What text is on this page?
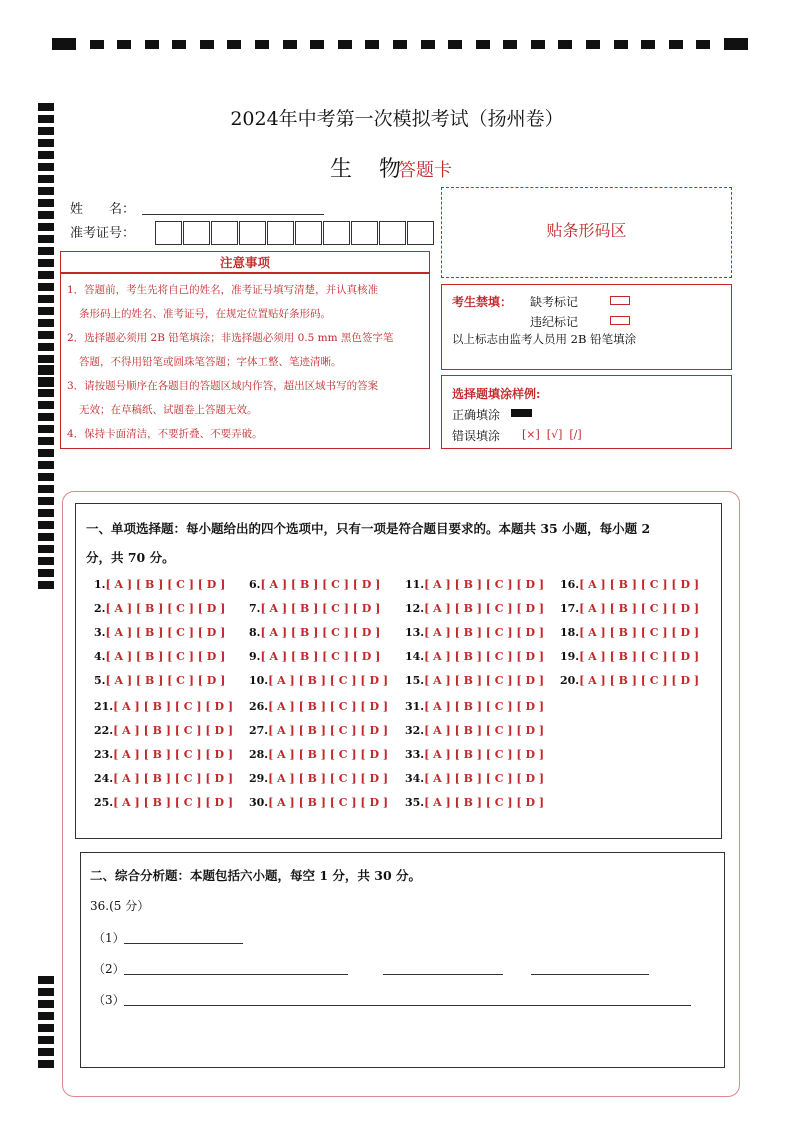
2024年中考第一次模拟考试（扬州卷）
生 物
答题卡
姓　　名：
准考证号：
注意事项
1．答题前，考生先将自己的姓名，准考证号填写清楚，并认真核准
条形码上的姓名、准考证号，在规定位置贴好条形码。
2．选择题必须用 2B 铅笔填涂；非选择题必须用 0.5 mm 黑色签字笔
答题，不得用铅笔或圆珠笔答题；字体工整、笔迹清晰。
3．请按题号顺序在各题目的答题区域内作答，超出区域书写的答案
无效；在草稿纸、试题卷上答题无效。
4．保持卡面清洁，不要折叠、不要弄破。
贴条形码区
考生禁填： 缺考标记
违纪标记
以上标志由监考人员用 2B 铅笔填涂
选择题填涂样例:
正确填涂
错误填涂 [×]  [√]  [/]
一、单项选择题：每小题给出的四个选项中，只有一项是符合题目要求的。本题共 35 小题，每小题 2
分，共 70 分。
1.[ A ] [ B ] [ C ] [ D ]
2.[ A ] [ B ] [ C ] [ D ]
3.[ A ] [ B ] [ C ] [ D ]
4.[ A ] [ B ] [ C ] [ D ]
5.[ A ] [ B ] [ C ] [ D ]
6.[ A ] [ B ] [ C ] [ D ]
7.[ A ] [ B ] [ C ] [ D ]
8.[ A ] [ B ] [ C ] [ D ]
9.[ A ] [ B ] [ C ] [ D ]
10.[ A ] [ B ] [ C ] [ D ]
11.[ A ] [ B ] [ C ] [ D ]
12.[ A ] [ B ] [ C ] [ D ]
13.[ A ] [ B ] [ C ] [ D ]
14.[ A ] [ B ] [ C ] [ D ]
15.[ A ] [ B ] [ C ] [ D ]
16.[ A ] [ B ] [ C ] [ D ]
17.[ A ] [ B ] [ C ] [ D ]
18.[ A ] [ B ] [ C ] [ D ]
19.[ A ] [ B ] [ C ] [ D ]
20.[ A ] [ B ] [ C ] [ D ]
21.[ A ] [ B ] [ C ] [ D ]
22.[ A ] [ B ] [ C ] [ D ]
23.[ A ] [ B ] [ C ] [ D ]
24.[ A ] [ B ] [ C ] [ D ]
25.[ A ] [ B ] [ C ] [ D ]
26.[ A ] [ B ] [ C ] [ D ]
27.[ A ] [ B ] [ C ] [ D ]
28.[ A ] [ B ] [ C ] [ D ]
29.[ A ] [ B ] [ C ] [ D ]
30.[ A ] [ B ] [ C ] [ D ]
31.[ A ] [ B ] [ C ] [ D ]
32.[ A ] [ B ] [ C ] [ D ]
33.[ A ] [ B ] [ C ] [ D ]
34.[ A ] [ B ] [ C ] [ D ]
35.[ A ] [ B ] [ C ] [ D ]
二、综合分析题：本题包括六小题，每空 1 分，共 30 分。
36.(5 分）
（1）
（2）
（3）
